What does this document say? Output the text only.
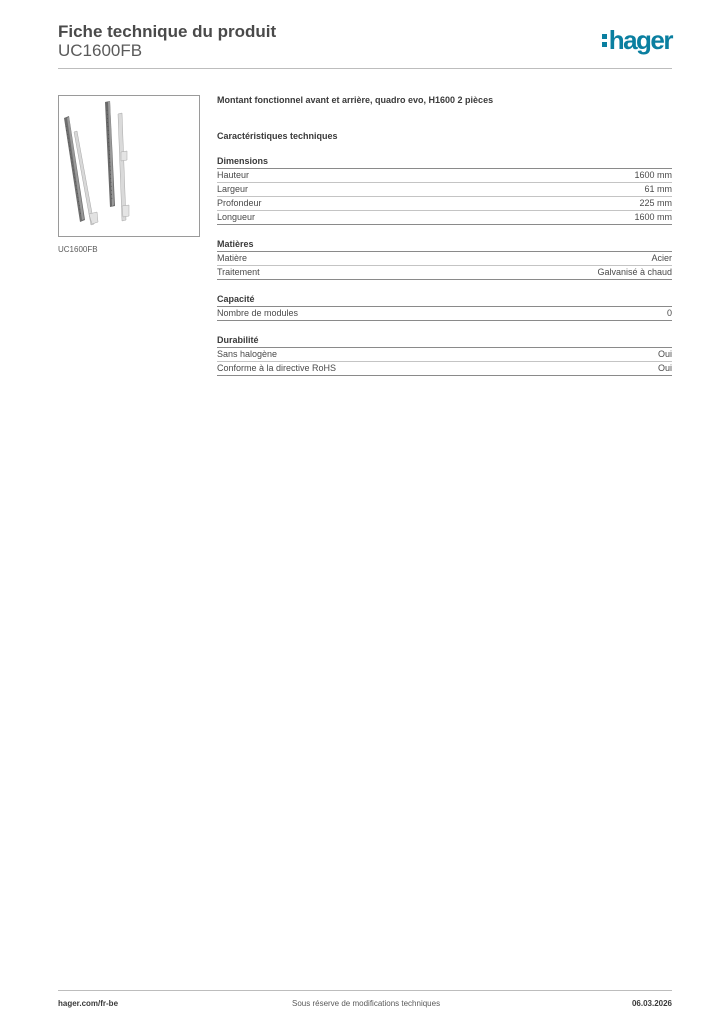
Fiche technique du produit
UC1600FB	hager
UC1600FB
Montant fonctionnel avant et arrière, quadro evo, H1600 2 pièces
Caractéristiques techniques
Dimensions
Hauteur	1600 mm
Largeur	61 mm
Profondeur	225 mm
Longueur	1600 mm
Matières
Matière	Acier
Traitement	Galvanisé à chaud
Capacité
Nombre de modules	0
Durabilité
Sans halogène	Oui
Conforme à la directive RoHS	Oui
hager.com/fr-be	Sous réserve de modifications techniques	06.03.2026
